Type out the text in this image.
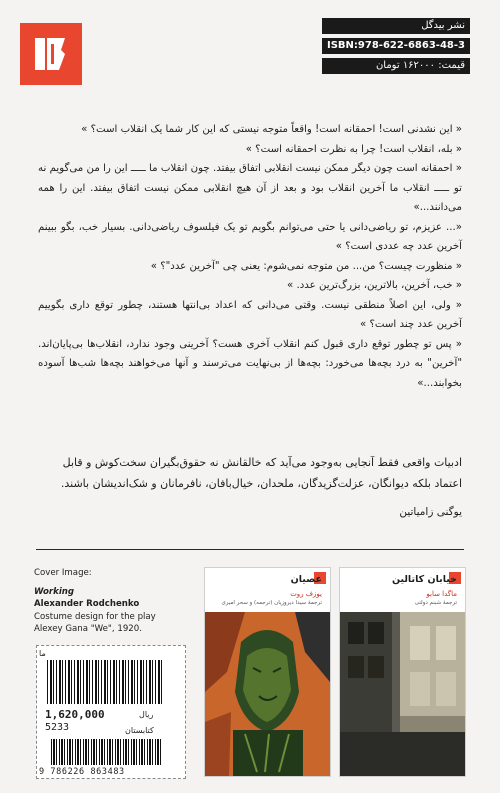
نشر بیدگل
ISBN:978-622-6863-48-3
قیمت: ۱۶۲۰۰۰ تومان

« این نشدنی است! احمقانه است! واقعاً متوجه نیستی که این کار شما یک انقلاب است؟ »

« بله، انقلاب است! چرا به نظرت احمقانه است؟ »

« احمقانه است چون دیگر ممکن نیست انقلابی اتفاق بیفتد. چون انقلاب ما ـــــ این را من می‌گویم نه تو ـــــ انقلاب ما آخرین انقلاب بود و بعد از آن هیچ انقلابی ممکن نیست اتفاق بیفتد. این را همه می‌دانند...»

«... عزیزم، تو ریاضی‌دانی یا حتی می‌توانم بگویم تو یک فیلسوف ریاضی‌دانی. بسیار خب، بگو ببینم آخرین عدد چه عددی است؟ »

« منظورت چیست؟ من... من متوجه نمی‌شوم: یعنی چی "آخرین عدد"؟ »

« خب، آخرین، بالاترین، بزرگ‌ترین عدد. »

« ولی، این اصلاً منطقی نیست. وقتی می‌دانی که اعداد بی‌انتها هستند، چطور توقع داری بگوییم آخرین عدد چند است؟ »

« پس تو چطور توقع داری قبول کنم انقلاب آخری هست؟ آخرینی وجود ندارد، انقلاب‌ها بی‌پایان‌اند. "آخرین" به درد بچه‌ها می‌خورد: بچه‌ها از بی‌نهایت می‌ترسند و آنها می‌خواهند بچه‌ها شب‌ها آسوده بخوابند...»

ادبیات واقعی فقط آنجایی به‌وجود می‌آید که خالقانش نه حقوق‌بگیران سخت‌کوش و قابل اعتماد بلکه دیوانگان، عزلت‌گزیدگان، ملحدان، خیال‌بافان، نافرمانان و شک‌اندیشان باشند.

یوگنی زامیاتین

Cover Image:
Working
Alexander Rodchenko
Costume design for the play
Alexey Gana "We", 1920.
ما
1,620,000	ریال
5233	کتابستان
9 786226 863483
عصیان
یوزف روت
ترجمهٔ سیدا دیروزیان (ترجمه) و سحر امیری
خیابان کاتالین
ماگدا سابو
ترجمهٔ شبنم دولتی
